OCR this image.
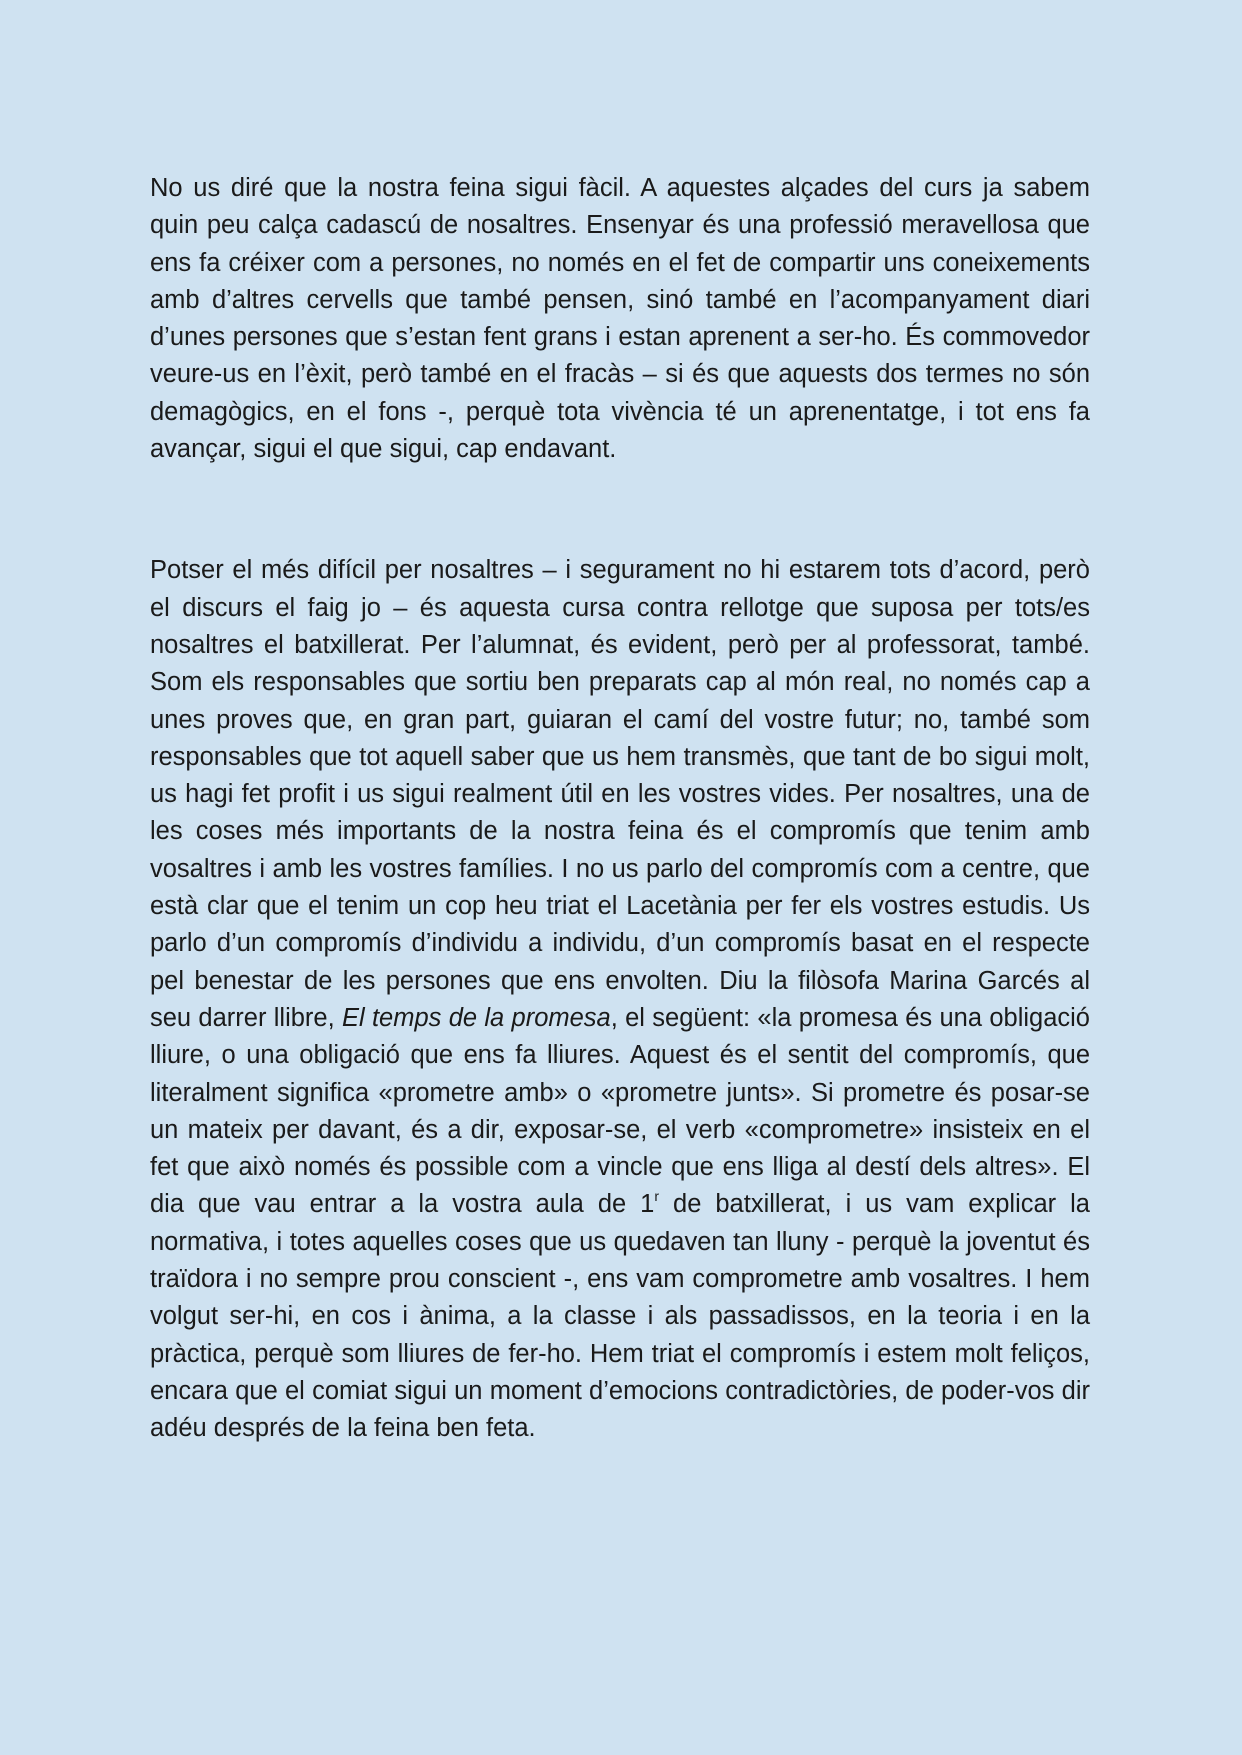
No us diré que la nostra feina sigui fàcil. A aquestes alçades del curs ja sabem quin peu calça cadascú de nosaltres. Ensenyar és una professió meravellosa que ens fa créixer com a persones, no només en el fet de compartir uns coneixements amb d’altres cervells que també pensen, sinó també en l’acompanyament diari d’unes persones que s’estan fent grans i estan aprenent a ser-ho. És commovedor veure-us en l’èxit, però també en el fracàs – si és que aquests dos termes no són demagògics, en el fons -, perquè tota vivència té un aprenentatge, i tot ens fa avançar, sigui el que sigui, cap endavant.

Potser el més difícil per nosaltres – i segurament no hi estarem tots d’acord, però el discurs el faig jo – és aquesta cursa contra rellotge que suposa per tots/es nosaltres el batxillerat. Per l’alumnat, és evident, però per al professorat, també. Som els responsables que sortiu ben preparats cap al món real, no només cap a unes proves que, en gran part, guiaran el camí del vostre futur; no, també som responsables que tot aquell saber que us hem transmès, que tant de bo sigui molt, us hagi fet profit i us sigui realment útil en les vostres vides. Per nosaltres, una de les coses més importants de la nostra feina és el compromís que tenim amb vosaltres i amb les vostres famílies. I no us parlo del compromís com a centre, que està clar que el tenim un cop heu triat el Lacetània per fer els vostres estudis. Us parlo d’un compromís d’individu a individu, d’un compromís basat en el respecte pel benestar de les persones que ens envolten. Diu la filòsofa Marina Garcés al seu darrer llibre, El temps de la promesa, el següent: «la promesa és una obligació lliure, o una obligació que ens fa lliures. Aquest és el sentit del compromís, que literalment significa «prometre amb» o «prometre junts». Si prometre és posar-se un mateix per davant, és a dir, exposar-se, el verb «comprometre» insisteix en el fet que això només és possible com a vincle que ens lliga al destí dels altres». El dia que vau entrar a la vostra aula de 1$^r$ de batxillerat, i us vam explicar la normativa, i totes aquelles coses que us quedaven tan lluny - perquè la joventut és traïdora i no sempre prou conscient -, ens vam comprometre amb vosaltres. I hem volgut ser-hi, en cos i ànima, a la classe i als passadissos, en la teoria i en la pràctica, perquè som lliures de fer-ho. Hem triat el compromís i estem molt feliços, encara que el comiat sigui un moment d’emocions contradictòries, de poder-vos dir adéu després de la feina ben feta.
